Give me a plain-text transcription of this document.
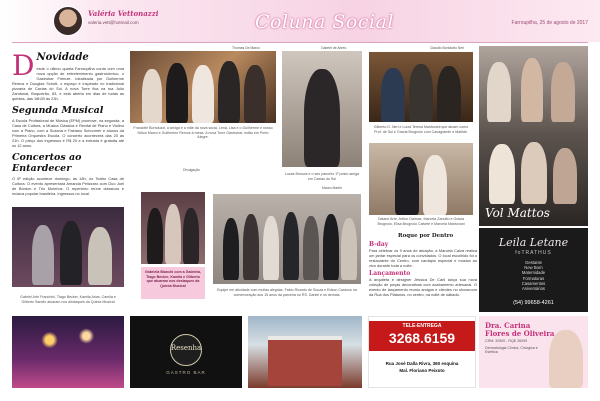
Valéria Vettonazzi
valeria.vett@hotmail.com	Coluna Social	Farroupilha, 25 de agosto de 2017
D Novidade
esde o último quarta Farroupilha conta com uma nova opção de entretenimento gastronômico, o Gastrobar Firenze. Idealizada por Guilherme Remus e Douglas Schott, o espaço é inspirado no tradicional pizzaria de Caxias do Sul. A nova Torre fica na rua Julio Zandonai, Boqueirão, 83, e está aberta em dias de todas as quintas, das 18h30 às 23h.
Segunda Musical
A Escola Profissional de Música (EPM) promove, na segunda, a Casa de Cultura, a Música Clássica e Recital de Piano e Violino com a Piano, com a Suzana e Fabiano Schonmer e alunos da Primeira Orquestra Escola. O concerto acontecerá das 20 às 21h. O preço dos ingressos é R$ 20 e a entrada é gratuita até os 12 anos.
Concertos ao Entardecer
O 6º edição acontece domingo, às 18h, no Teatro Casa de Cultura. O evento apresentará Amanda Pelizzaro com Duo Joel de Bórdon e Trio Moinhos. O repertório reúne clássicos e música popular brasileira. Ingressos no local.
Gabriel Arte Franchini, Tiago Becker, Kamila Arias, Camila e Gilberto Sandin atuaram nos destaques da Quinta Musical
Thomas De Marco
Franciele Bortoluzzi, a amiga e a mãe da nova sócia, Lena, Lisa e o Guilherme e nosso Nilton Marco e Guilherme Remus à mesa. A nova Torre Gastrobar, estão em Porto Alegre.
Gabriel de Abreu
Lucas Broscia e o seu parceiro 1º posto amiga em Caxias do Sul
Divulgação
Gabriela Bianchi com a Gabriela, Tiago Becker, Kamila e Gilberto que atuaram nos destaques da Quinta Musical
Mauro Martin
Equipe em atividade com muitas alegrias. Fabio Ricardo de Souza e Edson Cardoso na comemoração aos 15 anos da parceria no RS. Daniel e os demais.
Claudio Bortolotto Neri
Gilberto D. Neri e Luiza Teresa Mantovani que atuam como Prof. de Sul e Gracia Brugnolo com Casagrande e Matilde.
Daiane Arte, Arthur Dalmaz, Marcela Zanotto e Gracia Brugnolo, Elisa Brugnolo Calvete e Marcela Mantovani
Roque por Dentro
B-day
Para celebrar os 9 anos de atuação, a Marcela Calza realiza um jantar especial para os convidados. O local escolhido foi o restaurante do Centro, com cardápio especial e música ao vivo durante toda a noite.
Lançamento
A arquiteta e designer Jéssica De Carli lança sua nova coleção de peças decorativas com acabamento artesanal. O evento de lançamento reuniu amigos e clientes no showroom da Rua dos Plátanos, no centro, na noite de sábado.
Vol Mattos
Leila Letane
foTRATHUS
Gestante
New Born
Maternidade
Formaturas
Casamentos
Aniversários
(54) 99658-4261
Resenha
GASTRO BAR
TELE-ENTREGA
3268.6159
Rua José Dalla Rivra, 360 esquina
Mal. Floriano Peixoto
Dra. Carina
Flores de Oliveira
CRM: 32500 - RQE 26099
Dermatologia Clínica, Cirúrgica e Estética
